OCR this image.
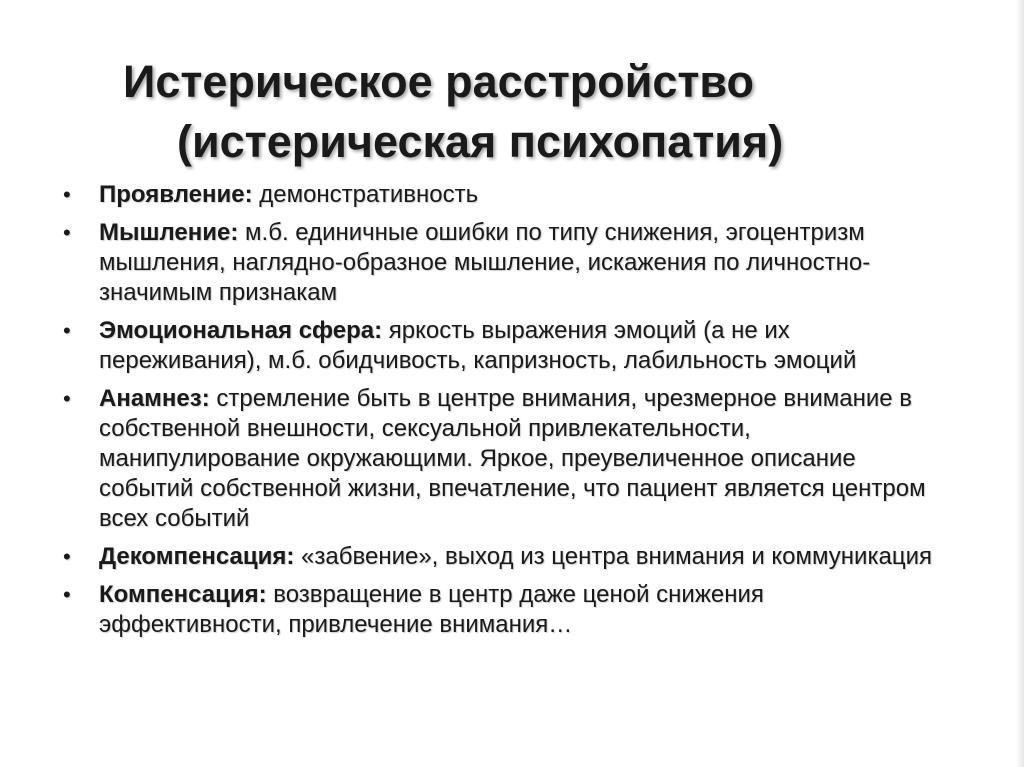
Истерическое расстройство
(истерическая психопатия)
• Проявление: демонстративность
• Мышление: м.б. единичные ошибки по типу снижения, эгоцентризм мышления, наглядно-образное мышление, искажения по личностно-значимым признакам
• Эмоциональная сфера: яркость выражения эмоций (а не их переживания), м.б. обидчивость, капризность, лабильность эмоций
• Анамнез: стремление быть в центре внимания, чрезмерное внимание в собственной внешности, сексуальной привлекательности, манипулирование окружающими. Яркое, преувеличенное описание событий собственной жизни, впечатление, что пациент является центром всех событий
• Декомпенсация: «забвение», выход из центра внимания и коммуникация
• Компенсация: возвращение в центр даже ценой снижения эффективности, привлечение внимания…
